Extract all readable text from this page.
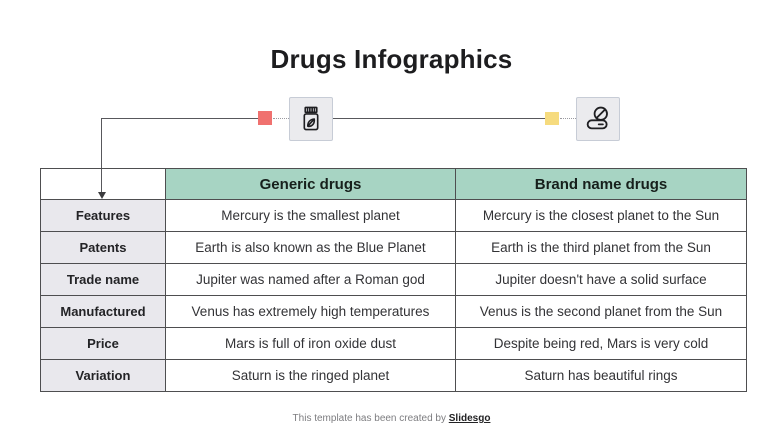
Drugs Infographics
	Generic drugs	Brand name drugs
Features	Mercury is the smallest planet	Mercury is the closest planet to the Sun
Patents	Earth is also known as the Blue Planet	Earth is the third planet from the Sun
Trade name	Jupiter was named after a Roman god	Jupiter doesn't have a solid surface
Manufactured	Venus has extremely high temperatures	Venus is the second planet from the Sun
Price	Mars is full of iron oxide dust	Despite being red, Mars is very cold
Variation	Saturn is the ringed planet	Saturn has beautiful rings
This template has been created by Slidesgo
